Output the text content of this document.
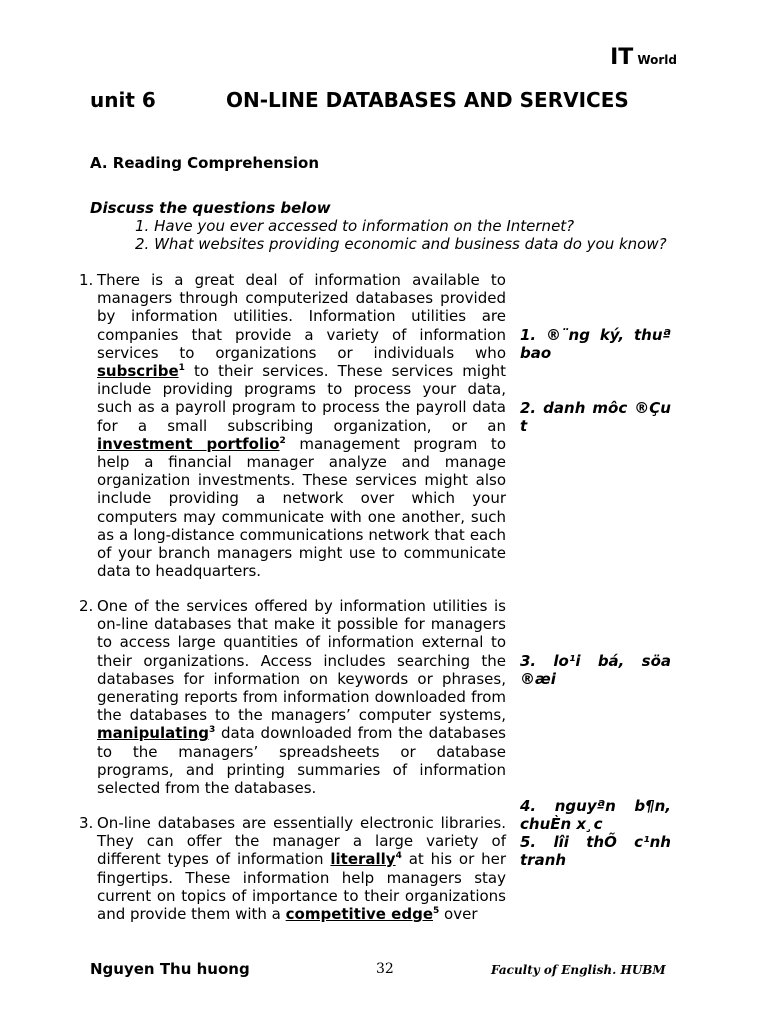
IT World
unit 6	ON-LINE DATABASES AND SERVICES
A. Reading Comprehension
Discuss the questions below
1. Have you ever accessed to information on the Internet?
2. What websites providing economic and business data do you know?
1. There is a great deal of information available to managers through computerized databases provided by information utilities. Information utilities are companies that provide a variety of information services to organizations or individuals who subscribe$^1$ to their services. These services might include providing programs to process your data, such as a payroll program to process the payroll data for a small subscribing organization, or an investment portfolio$^2$ management program to help a financial manager analyze and manage organization investments. These services might also include providing a network over which your computers may communicate with one another, such as a long-distance communications network that each of your branch managers might use to communicate data to headquarters.
2. One of the services offered by information utilities is on-line databases that make it possible for managers to access large quantities of information external to their organizations. Access includes searching the databases for information on keywords or phrases, generating reports from information downloaded from the databases to the managers’ computer systems, manipulating$^3$ data downloaded from the databases to the managers’ spreadsheets or database programs, and printing summaries of information selected from the databases.
3. On-line databases are essentially electronic libraries. They can offer the manager a large variety of different types of information literally$^4$ at his or her fingertips. These information help managers stay current on topics of importance to their organizations and provide them with a competitive edge$^5$ over
1. ®¨ng ký, thuª bao
2. danh môc ®Çu t
3. lo¹i bá, söa ®æi
4. nguyªn b¶n, chuÈn x¸c
5. lîi thÕ c¹nh tranh
Nguyen Thu huong	32	Faculty of English. HUBM
